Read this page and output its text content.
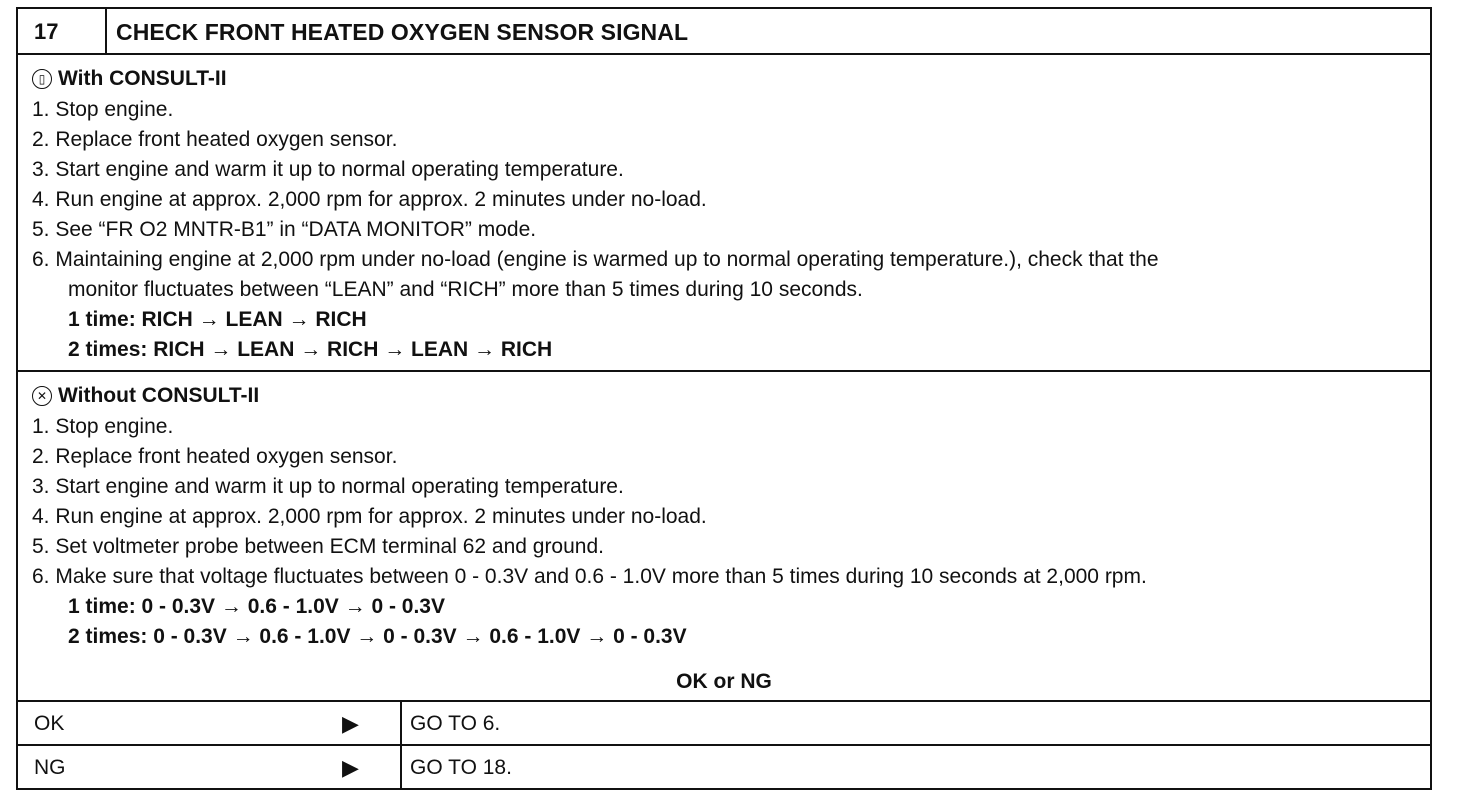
17	CHECK FRONT HEATED OXYGEN SENSOR SIGNAL
▯ With CONSULT-II
1. Stop engine.
2. Replace front heated oxygen sensor.
3. Start engine and warm it up to normal operating temperature.
4. Run engine at approx. 2,000 rpm for approx. 2 minutes under no-load.
5. See “FR O2 MNTR-B1” in “DATA MONITOR” mode.
6. Maintaining engine at 2,000 rpm under no-load (engine is warmed up to normal operating temperature.), check that the
monitor fluctuates between “LEAN” and “RICH” more than 5 times during 10 seconds.
1 time: RICH → LEAN → RICH
2 times: RICH → LEAN → RICH → LEAN → RICH
✕ Without CONSULT-II
1. Stop engine.
2. Replace front heated oxygen sensor.
3. Start engine and warm it up to normal operating temperature.
4. Run engine at approx. 2,000 rpm for approx. 2 minutes under no-load.
5. Set voltmeter probe between ECM terminal 62 and ground.
6. Make sure that voltage fluctuates between 0 - 0.3V and 0.6 - 1.0V more than 5 times during 10 seconds at 2,000 rpm.
1 time: 0 - 0.3V → 0.6 - 1.0V → 0 - 0.3V
2 times: 0 - 0.3V → 0.6 - 1.0V → 0 - 0.3V → 0.6 - 1.0V → 0 - 0.3V
OK or NG
OK	▶ GO TO 6.
NG	▶ GO TO 18.
